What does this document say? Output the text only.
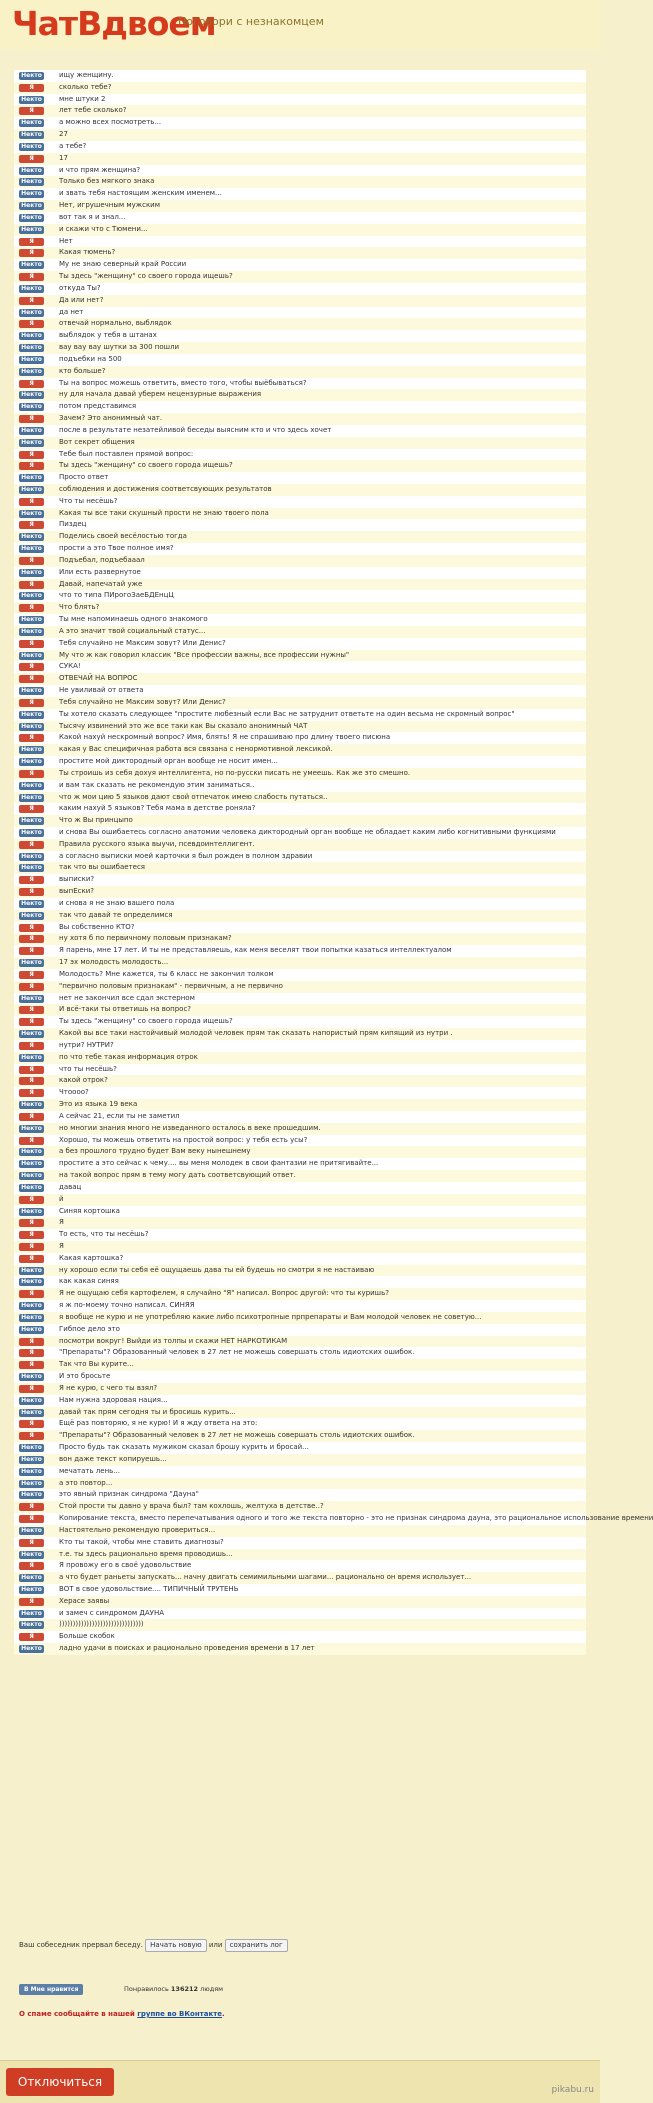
ЧатВдвоем
Поговори с незнакомцем
Некто	ищу женщину.
Я	сколько тебе?
Некто	мне штуки 2
Я	лет тебе сколько?
Некто	а можно всех посмотреть...
Некто	27
Некто	а тебе?
Я	17
Некто	и что прям женщина?
Некто	Только без мягкого знака
Некто	и звать тебя настоящим женским именем...
Некто	Нет, игрушечным мужским
Некто	вот так я и знал...
Некто	и скажи что с Тюмени...
Я	Нет
Я	Какая тюмень?
Некто	Му не знаю северный край России
Я	Ты здесь "женщину" со своего города ищешь?
Некто	откуда Ты?
Я	Да или нет?
Некто	да нет
Я	отвечай нормально, выблядок
Некто	выблядок у тебя в штанах
Некто	вау вау вау шутки за 300 пошли
Некто	подъебки на 500
Некто	кто больше?
Я	Ты на вопрос можешь ответить, вместо того, чтобы выёбываться?
Некто	ну для начала давай уберем нецензурные выражения
Некто	потом представимся
Я	Зачем? Это анонимный чат.
Некто	после в результате незатейливой беседы выясним кто и что здесь хочет
Некто	Вот секрет общения
Я	Тебе был поставлен прямой вопрос:
Я	Ты здесь "женщину" со своего города ищешь?
Некто	Просто ответ
Некто	соблюдения и достижения соответсвующих результатов
Я	Что ты несёшь?
Некто	Какая ты все таки скушный прости не знаю твоего пола
Я	Пиздец
Некто	Поделись своей весёлостью тогда
Некто	прости а это Твое полное имя?
Я	Подъебал, подъебааал
Некто	Или есть развернутое
Я	Давай, напечатай уже
Некто	что то типа ПИрогоЗаеБДЕнцЦ
Я	Что блять?
Некто	Ты мне напоминаешь одного знакомого
Некто	А это значит твой социальный статус...
Я	Тебя случайно не Максим зовут? Или Денис?
Некто	Му что ж как говорил классик "Все профессии важны, все профессии нужны"
Я	СУКА!
Я	ОТВЕЧАЙ НА ВОПРОС
Некто	Не увиливай от ответа
Я	Тебя случайно не Максим зовут? Или Денис?
Некто	Ты хотело сказать следующее "простите любезный если Вас не затруднит ответьте на один весьма не скромный вопрос"
Некто	Тысячу извинений это же все таки как Вы сказало анонимный ЧАТ
Я	Какой нахуй нескромный вопрос? Имя, блять! Я не спрашиваю про длину твоего писюна
Некто	какая у Вас специфичная работа вся связана с ненормотивной лексикой.
Некто	простите мой диктородный орган вообще не носит имен...
Я	Ты строишь из себя доxуя интеллигента, но по-русски писать не умеешь. Как же это смешно.
Некто	и вам так сказать не рекомендую этим заниматься..
Некто	что ж мои цию 5 языков дают свой отпечаток имею слабость путаться..
Я	каким нахуй 5 языков? Тебя мама в детстве роняла?
Некто	Что ж Вы принцыпо
Некто	и снова Вы ошибаетесь согласно анатомии человека диктородный орган вообще не обладает каким либо когнитивными функциями
Я	Правила русского языка выучи, псевдоинтеллигент.
Некто	а согласно выписки моей карточки я был рожден в полном здравии
Некто	так что вы ошибаетеся
Я	выписки?
Я	выпЕски?
Некто	и снова я не знаю вашего пола
Некто	так что давай те определимся
Я	Вы собственно КТО?
Я	ну хотя б по первичному половым признакам?
Я	Я парень, мне 17 лет. И ты не представляешь, как меня веселят твои попытки казаться интеллектуалом
Некто	17 эх молодость молодость...
Я	Молодость? Мне кажется, ты 6 класс не закончил толком
Я	"первично половым признакам" - первичным, а не первично
Некто	нет не закончил все сдал экстерном
Я	И всё-таки ты ответишь на вопрос?
Я	Ты здесь "женщину" со своего города ищешь?
Некто	Какой вы все таки настойчивый молодой человек прям так сказать напористый прям кипящий из нутри .
Я	нутри? НУТРИ?
Некто	по что тебе такая информация отрок
Я	что ты несёшь?
Я	какой отрок?
Я	Чтоооо?
Некто	Это из языка 19 века
Я	А сейчас 21, если ты не заметил
Некто	но многии знания много не изведанного осталось в веке прошедшим.
Я	Хорошо, ты можешь ответить на простой вопрос: у тебя есть усы?
Некто	а без прошлого трудно будет Вам веку нынешнему
Некто	простите а это сейчас к чему.... вы меня молодек в свои фантазии не притягивайте...
Некто	на такой вопрос прям в тему могу дать соответсвующий ответ.
Некто	давац
Я	й
Некто	Синяя кортошка
Я	Я
Я	То есть, что ты несёшь?
Я	Я
Я	Какая картошка?
Некто	ну хорошо если ты себя её ощущаешь дава ты ей будешь но смотри я не настаиваю
Некто	как какая синяя
Я	Я не ощущаю себя картофелем, я случайно "Я" написал. Вопрос другой: что ты куришь?
Некто	я ж по-моему точно написал. СИНЯЯ
Некто	я вообще не курю и не употребляю какие либо психотропные прпрепараты и Вам молодой человек не советую...
Некто	Гибпое дело это
Я	посмотри вокруг! Выйди из толпы и скажи НЕТ НАРКОТИКАМ
Я	"Препараты"? Образованный человек в 27 лет не можешь совершать столь идиотских ошибок.
Я	Так что Вы курите...
Некто	И это бросьте
Я	Я не курю, с чего ты взял?
Некто	Нам нужна здоровая нация...
Некто	давай так прям сегодня ты и бросишь курить...
Я	Ещё раз повторяю, я не курю! И я жду ответа на это:
Я	"Препараты"? Образованный человек в 27 лет не можешь совершать столь идиотских ошибок.
Некто	Просто будь так сказать мужиком сказал брошу курить и бросай...
Некто	вон даже текст копируешь...
Некто	мечатать лень...
Некто	а это повтор...
Некто	это явный признак синдрома "Дауна"
Я	Стой прости ты давно у врача был? там кохлошь, желтуха в детстве..?
Я	Копирование текста, вместо перепечатывания одного и того же текста повторно - это не признак синдрома дауна, это рациональное использование времени
Некто	Настоятельно рекомендую провериться...
Я	Кто ты такой, чтобы мне ставить диагнозы?
Некто	т.е. ты здесь рационально время проводишь...
Я	Я провожу его в своё удовольствие
Некто	а что будет раньеты запускать... начну двигать семимильными шагами... рационально он время использует...
Некто	ВОТ в свое удовольствие.... ТИПИЧНЫЙ ТРУТЕНЬ
Я	Херасе заявы
Некто	и замеч с синдромом ДАУНА
Некто	)))))))))))))))))))))))))))))))
Я	Больше скобок
Некто	ладно удачи в поисках и рационально проведения времени в 17 лет
Ваш собеседник прервал беседу. Начать новую или сохранить лог
B Мне нравится	Понравилось 136212 людям
О спаме сообщайте в нашей группе во ВКонтакте.
Отключиться
pikabu.ru
